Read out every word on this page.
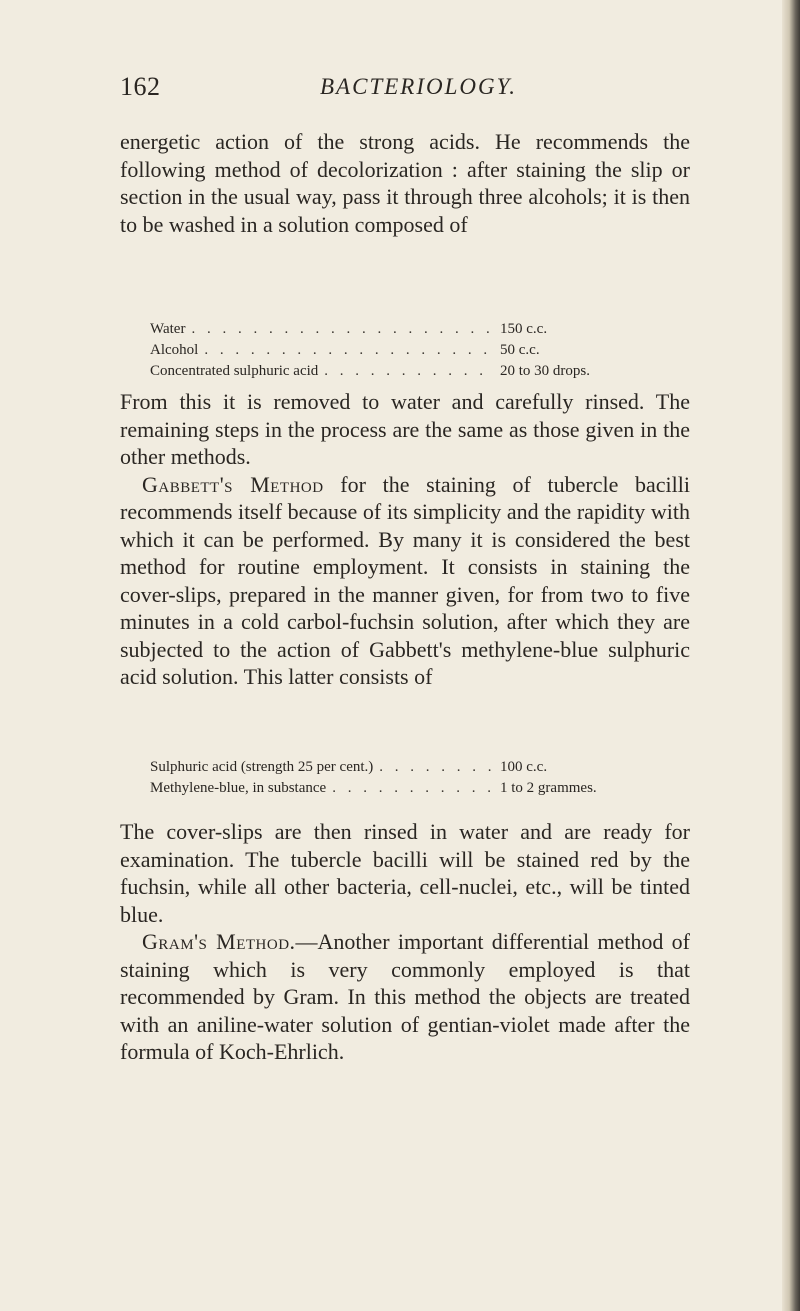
162	BACTERIOLOGY.

energetic action of the strong acids. He recommends the following method of decolorization : after staining the slip or section in the usual way, pass it through three alcohols; it is then to be washed in a solution composed of

Water . . .	150 c.c.
Alcohol . . .	50 c.c.
Concentrated sulphuric acid . . .	20 to 30 drops.

From this it is removed to water and carefully rinsed. The remaining steps in the process are the same as those given in the other methods.

Gabbett's Method for the staining of tubercle bacilli recommends itself because of its simplicity and the rapidity with which it can be performed. By many it is considered the best method for routine employment. It consists in staining the cover-slips, prepared in the manner given, for from two to five minutes in a cold carbol-fuchsin solution, after which they are subjected to the action of Gabbett's methylene-blue sulphuric acid solution. This latter consists of

Sulphuric acid (strength 25 per cent.) . . .	100 c.c.
Methylene-blue, in substance . . .	1 to 2 grammes.

The cover-slips are then rinsed in water and are ready for examination. The tubercle bacilli will be stained red by the fuchsin, while all other bacteria, cell-nuclei, etc., will be tinted blue.

Gram's Method.—Another important differential method of staining which is very commonly employed is that recommended by Gram. In this method the objects are treated with an aniline-water solution of gentian-violet made after the formula of Koch-Ehrlich.
